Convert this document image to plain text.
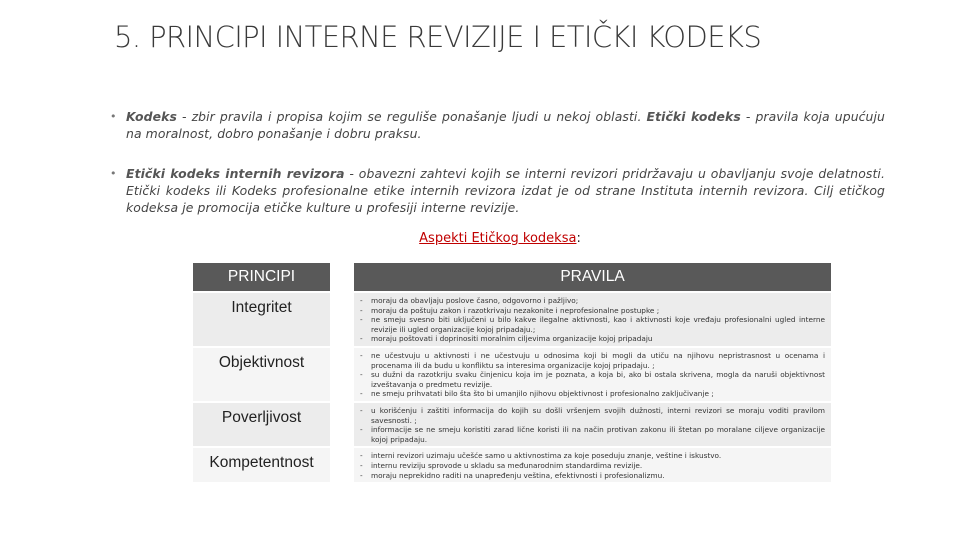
5. PRINCIPI INTERNE REVIZIJE I ETIČKI KODEKS
• Kodeks - zbir pravila i propisa kojim se reguliše ponašanje ljudi u nekoj oblasti. Etički kodeks - pravila koja upućuju na moralnost, dobro ponašanje i dobru praksu.
• Etički kodeks internih revizora - obavezni zahtevi kojih se interni revizori pridržavaju u obavljanju svoje delatnosti. Etički kodeks ili Kodeks profesionalne etike internih revizora izdat je od strane Instituta internih revizora. Cilj etičkog kodeksa je promocija etičke kulture u profesiji interne revizije.
Aspekti Etičkog kodeksa:
PRINCIPI	PRAVILA
Integritet	-	moraju da obavljaju poslove časno, odgovorno i pažljivo;
-	moraju da poštuju zakon i razotkrivaju nezakonite i neprofesionalne postupke ;
-	ne smeju svesno biti uključeni u bilo kakve ilegalne aktivnosti, kao i aktivnosti koje vređaju profesionalni ugled interne revizije ili ugled organizacije kojoj pripadaju.;
-	moraju poštovati i doprinositi moralnim ciljevima organizacije kojoj pripadaju
Objektivnost	-	ne učestvuju u aktivnosti i ne učestvuju u odnosima koji bi mogli da utiču na njihovu nepristrasnost u ocenama i procenama ili da budu u konfliktu sa interesima organizacije kojoj pripadaju. ;
-	su dužni da razotkriju svaku činjenicu koja im je poznata, a koja bi, ako bi ostala skrivena, mogla da naruši objektivnost izveštavanja o predmetu revizije.
-	ne smeju prihvatati bilo šta što bi umanjilo njihovu objektivnost i profesionalno zaključivanje ;
Poverljivost	-	u korišćenju i zaštiti informacija do kojih su došli vršenjem svojih dužnosti, interni revizori se moraju voditi pravilom savesnosti. ;
-	informacije se ne smeju koristiti zarad lične koristi ili na način protivan zakonu ili štetan po moralane ciljeve organizacije kojoj pripadaju.
Kompetentnost	-	interni revizori uzimaju učešće samo u aktivnostima za koje poseduju znanje, veštine i iskustvo.
-	internu reviziju sprovode u skladu sa međunarodnim standardima revizije.
-	moraju neprekidno raditi na unapređenju veština, efektivnosti i profesionalizmu.
